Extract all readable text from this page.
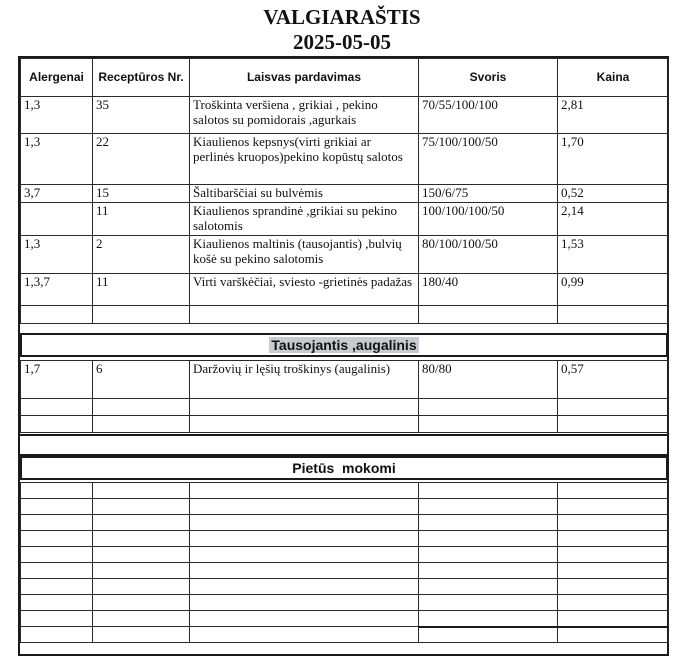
VALGIARAŠTIS
2025-05-05
Alergenai	Receptūros Nr.	Laisvas pardavimas	Svoris	Kaina
1,3	35	Troškinta veršiena , grikiai , pekino salotos su pomidorais ,agurkais	70/55/100/100	2,81
1,3	22	Kiaulienos kepsnys(virti grikiai ar perlinės kruopos)pekino kopūstų salotos	75/100/100/50	1,70
3,7	15	Šaltibarščiai su bulvėmis	150/6/75	0,52
	11	Kiaulienos sprandinė ,grikiai su pekino salotomis	100/100/100/50	2,14
1,3	2	Kiaulienos maltinis (tausojantis) ,bulvių košė su pekino salotomis	80/100/100/50	1,53
1,3,7	11	Virti varškėčiai, sviesto -grietinės padažas	180/40	0,99

Tausojantis ,augalinis
1,7	6	Daržovių ir lęšių troškinys (augalinis)	80/80	0,57

Pietūs  mokomi
